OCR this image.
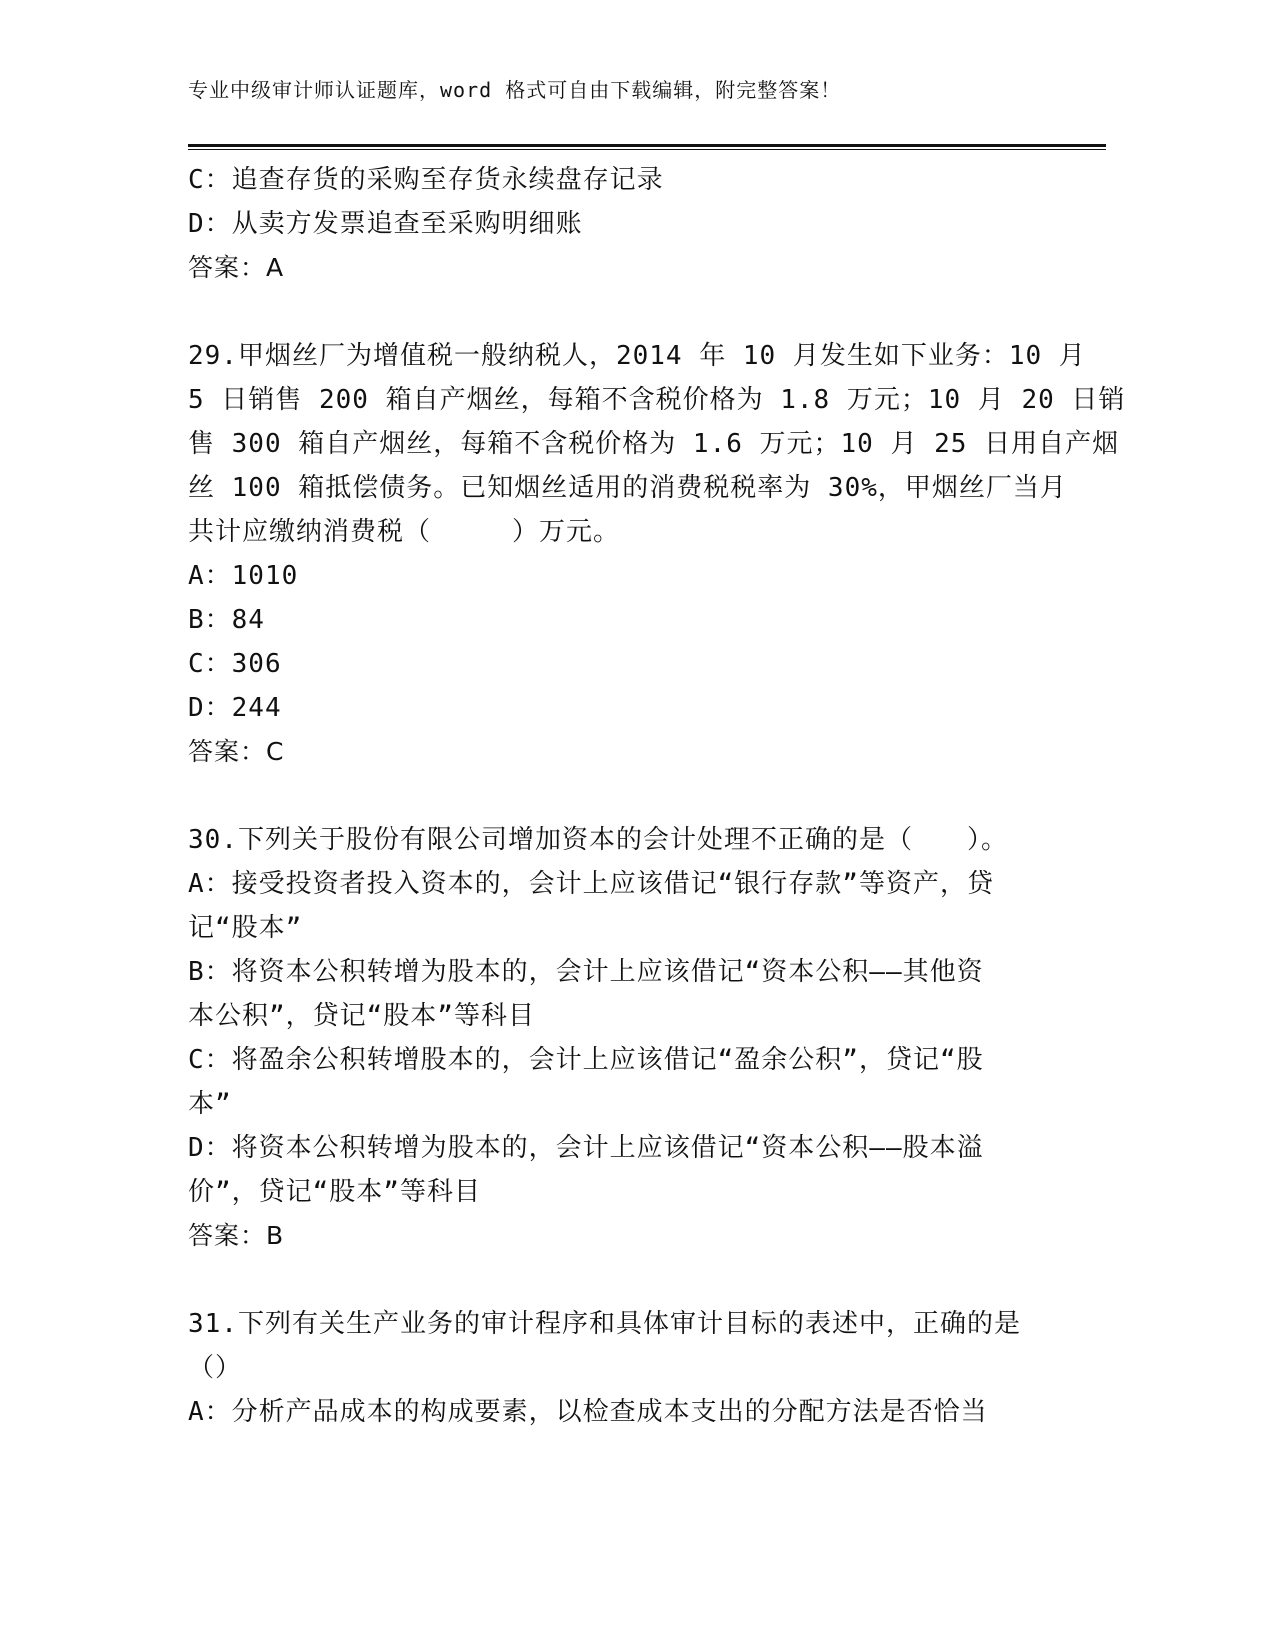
专业中级审计师认证题库，word 格式可自由下载编辑，附完整答案！
C：追查存货的采购至存货永续盘存记录
D：从卖方发票追查至采购明细账
答案：A
29.甲烟丝厂为增值税一般纳税人，2014 年 10 月发生如下业务：10 月
5 日销售 200 箱自产烟丝，每箱不含税价格为 1.8 万元；10 月 20 日销
售 300 箱自产烟丝，每箱不含税价格为 1.6 万元；10 月 25 日用自产烟
丝 100 箱抵偿债务。已知烟丝适用的消费税税率为 30%，甲烟丝厂当月
共计应缴纳消费税（　　　）万元。
A：1010
B：84
C：306
D：244
答案：C
30.下列关于股份有限公司增加资本的会计处理不正确的是（　　）。
A：接受投资者投入资本的，会计上应该借记“银行存款”等资产，贷
记“股本”
B：将资本公积转增为股本的，会计上应该借记“资本公积——其他资
本公积”，贷记“股本”等科目
C：将盈余公积转增股本的，会计上应该借记“盈余公积”，贷记“股
本”
D：将资本公积转增为股本的，会计上应该借记“资本公积——股本溢
价”，贷记“股本”等科目
答案：B
31.下列有关生产业务的审计程序和具体审计目标的表述中，正确的是
（）
A：分析产品成本的构成要素，以检查成本支出的分配方法是否恰当
